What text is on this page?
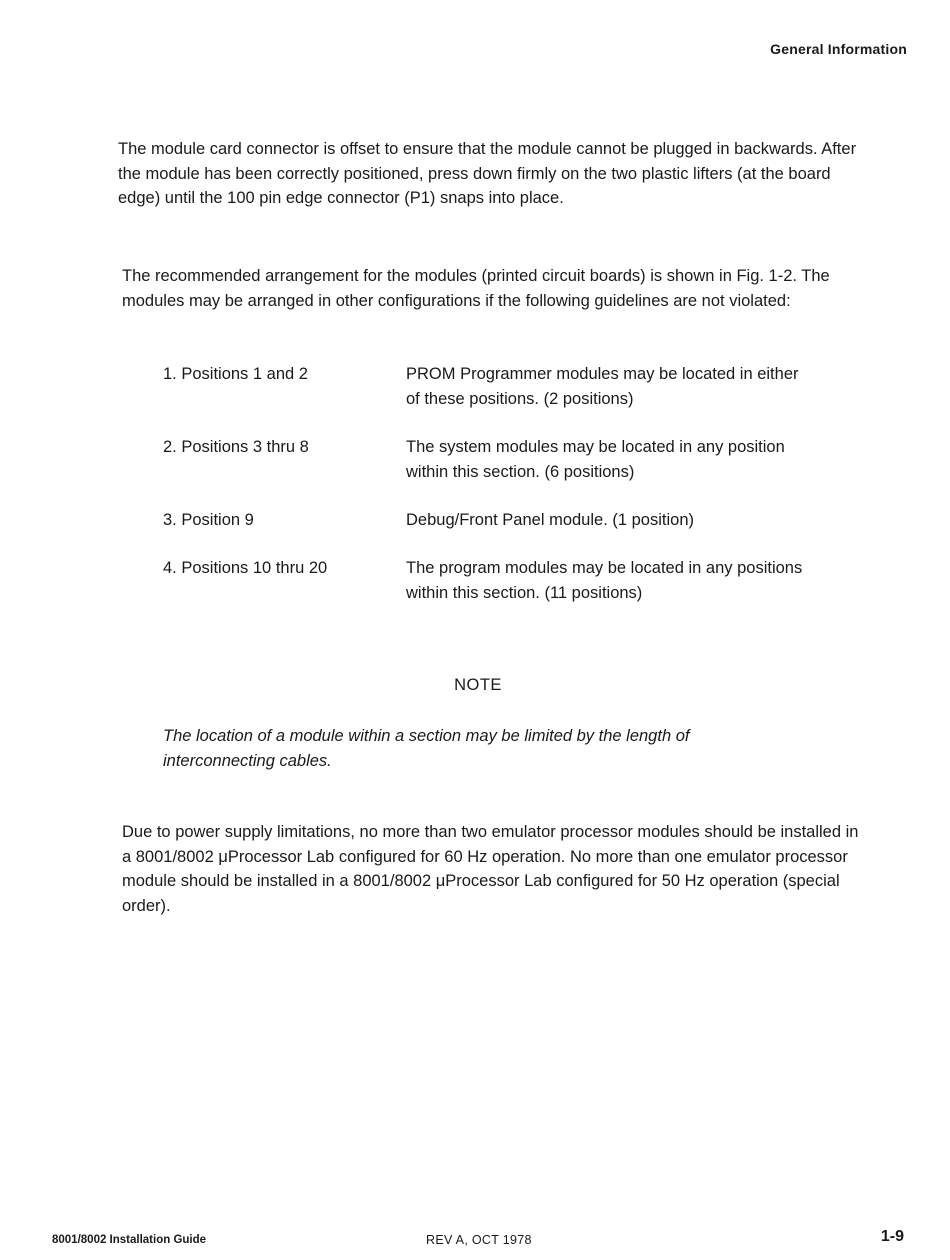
General Information

The module card connector is offset to ensure that the module cannot be plugged in backwards. After the module has been correctly positioned, press down firmly on the two plastic lifters (at the board edge) until the 100 pin edge connector (P1) snaps into place.

The recommended arrangement for the modules (printed circuit boards) is shown in Fig. 1-2. The modules may be arranged in other configurations if the following guidelines are not violated:

1. Positions 1 and 2	PROM Programmer modules may be located in either of these positions. (2 positions)
2. Positions 3 thru 8	The system modules may be located in any position within this section. (6 positions)
3. Position 9	Debug/Front Panel module. (1 position)
4. Positions 10 thru 20	The program modules may be located in any positions within this section. (11 positions)
NOTE

The location of a module within a section may be limited by the length of interconnecting cables.

Due to power supply limitations, no more than two emulator processor modules should be installed in a 8001/8002 μProcessor Lab configured for 60 Hz operation. No more than one emulator processor module should be installed in a 8001/8002 μProcessor Lab configured for 50 Hz operation (special order).

8001/8002 Installation Guide	REV A, OCT 1978	1-9
